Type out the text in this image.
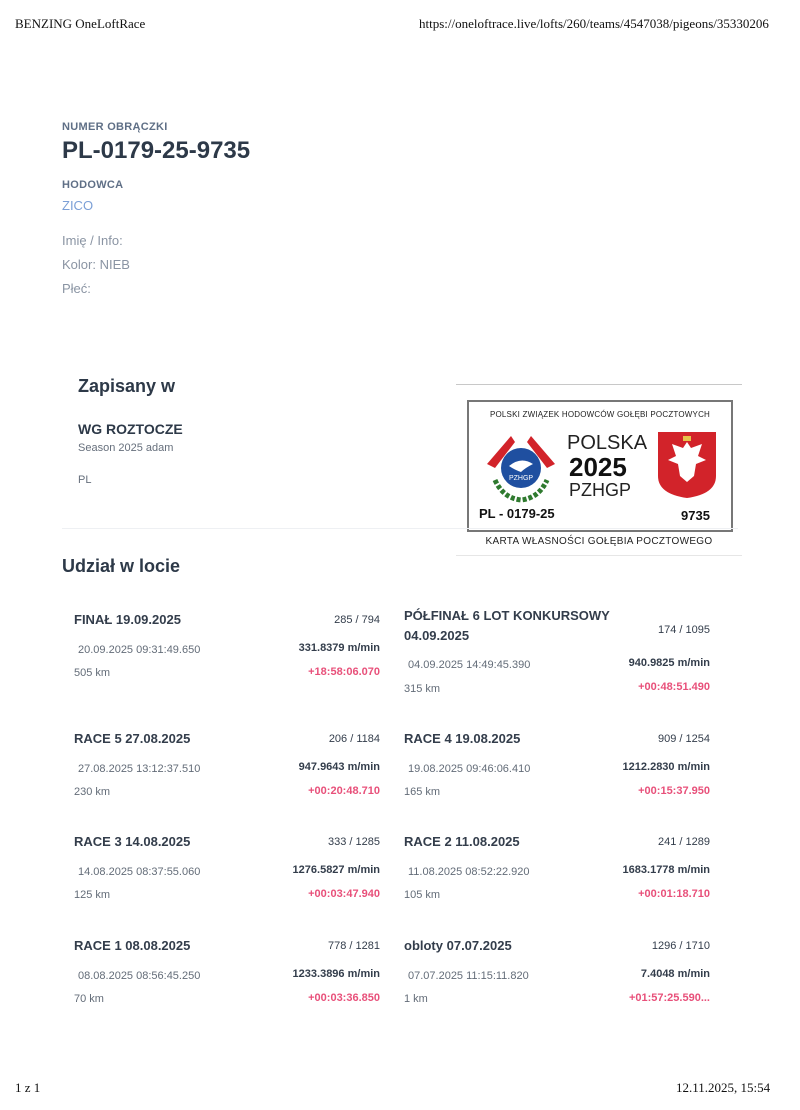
BENZING OneLoftRace	https://oneloftrace.live/lofts/260/teams/4547038/pigeons/35330206
1 z 1	12.11.2025, 15:54
NUMER OBRĄCZKI
PL-0179-25-9735
HODOWCA
ZICO
Imię / Info:
Kolor: NIEB
Płeć:
Zapisany w
WG ROZTOCZE
Season 2025 adam
PL
POLSKI ZWIĄZEK HODOWCÓW GOŁĘBI POCZTOWYCH
PZHGP
POLSKA
2025
PZHGP
PL - 0179-25	9735
KARTA WŁASNOŚCI GOŁĘBIA POCZTOWEGO
Udział w locie
FINAŁ 19.09.2025	285 / 794
20.09.2025 09:31:49.650	331.8379 m/min
505 km	+18:58:06.070
PÓŁFINAŁ 6 LOT KONKURSOWY 04.09.2025	174 / 1095
04.09.2025 14:49:45.390	940.9825 m/min
315 km	+00:48:51.490
RACE 5 27.08.2025	206 / 1184
27.08.2025 13:12:37.510	947.9643 m/min
230 km	+00:20:48.710
RACE 4 19.08.2025	909 / 1254
19.08.2025 09:46:06.410	1212.2830 m/min
165 km	+00:15:37.950
RACE 3 14.08.2025	333 / 1285
14.08.2025 08:37:55.060	1276.5827 m/min
125 km	+00:03:47.940
RACE 2 11.08.2025	241 / 1289
11.08.2025 08:52:22.920	1683.1778 m/min
105 km	+00:01:18.710
RACE 1 08.08.2025	778 / 1281
08.08.2025 08:56:45.250	1233.3896 m/min
70 km	+00:03:36.850
obloty 07.07.2025	1296 / 1710
07.07.2025 11:15:11.820	7.4048 m/min
1 km	+01:57:25.590...
